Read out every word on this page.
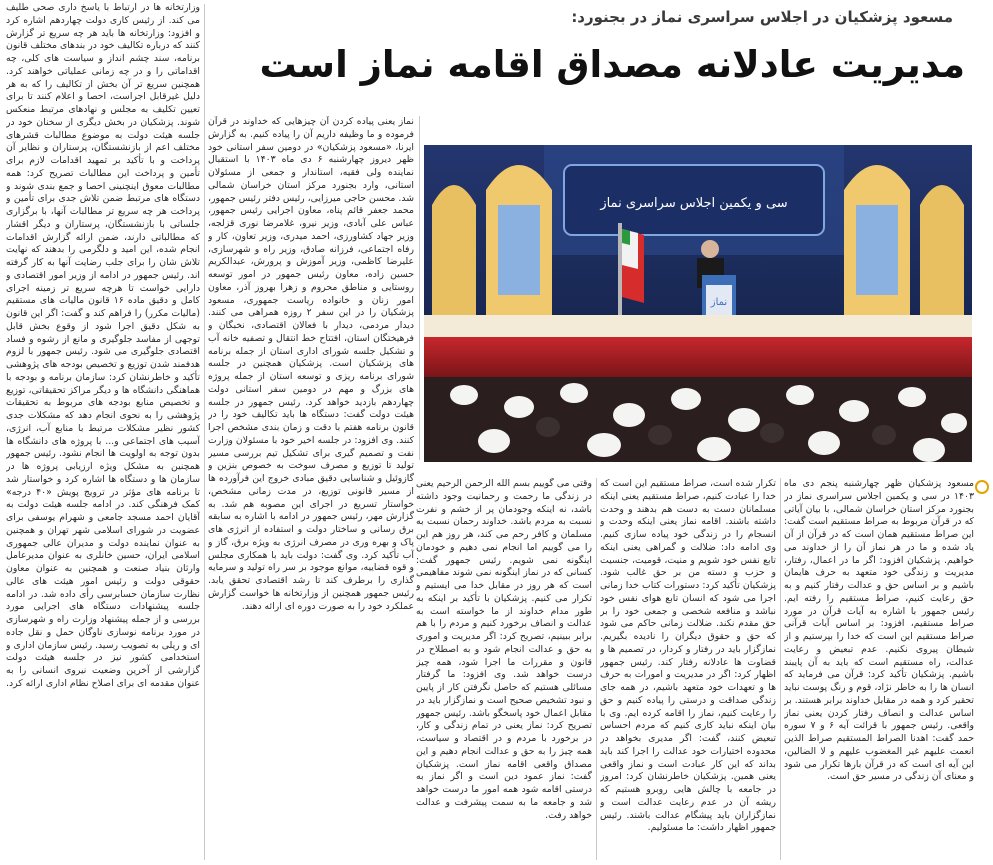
مسعود پزشکیان در اجلاس سراسری نماز در بجنورد:
مدیریت عادلانه مصداق اقامه نماز است

وزارتخانه ها در ارتباط با یاسخ داری صحی طلیف می کند. از رئیس کاری دولت چهاردهم اشاره کرد و افزود: وزارتخانه ها باید هر چه سریع تر گزارش کنند که درباره تکالیف خود در بندهای مختلف قانون برنامه، سند چشم انداز و سیاست های کلی، چه اقداماتی را و در چه زمانی عملیاتی خواهند کرد. همچنین سریع تر آن بخش از تکالیف را که به هر دلیل غیرقابل اجراست، احصا و اعلام کنند تا برای تعیین تکلیف به مجلس و نهادهای مرتبط منعکس شوند. پزشکیان در بخش دیگری از سخنان خود در جلسه هیئت دولت به موضوع مطالبات قشرهای مختلف اعم از بازنشستگان، پرستاران و نظایر آن پرداخت و با تأکید بر تمهید اقدامات لازم برای تأمین و پرداخت این مطالبات تصریح کرد: همه مطالبات معوق اینچنینی احصا و جمع بندی شوند و دستگاه های مرتبط ضمن تلاش جدی برای تأمین و پرداخت هر چه سریع تر مطالبات آنها، با برگزاری جلساتی با بازنشستگان، پرستاران و دیگر اقشار که مطالباتی دارند، ضمن ارائه گزارش اقدامات انجام شده، این امید و دلگرمی را بدهند که نهایت تلاش شان را برای جلب رضایت آنها به کار گرفته اند. رئیس جمهور در ادامه از وزیر امور اقتصادی و دارایی خواست تا هرچه سریع تر زمینه اجرای کامل و دقیق ماده ۱۶ قانون مالیات های مستقیم (مالیات مکرر) را فراهم کند و گفت: اگر این قانون به شکل دقیق اجرا شود از وقوع بخش قابل توجهی از مفاسد جلوگیری و مانع از رشوه و فساد اقتصادی جلوگیری می شود. رئیس جمهور با لزوم هدفمند شدن توزیع و تخصیص بودجه های پژوهشی تأکید و خاطرنشان کرد: سازمان برنامه و بودجه با هماهنگی دانشگاه ها و دیگر مراکز تحقیقاتی، توزیع و تخصیص منابع بودجه های مربوط به تحقیقات پژوهشی را به نحوی انجام دهد که مشکلات جدی کشور نظیر مشکلات مرتبط با منابع آب، انرژی، آسیب های اجتماعی و... با پروژه های دانشگاه ها بدون توجه به اولویت ها انجام نشود. رئیس جمهور همچنین به مشکل ویژه ارزیابی پروژه ها در سازمان ها و دستگاه ها اشاره کرد و خواستار شد تا برنامه های مؤثر در ترویج پویش «۴۰ درجه» کمک فرهنگی کند. در ادامه جلسه هیئت دولت به آقایان احمد مسجد جامعی و شهرام یوسفی برای عضویت در شورای اسلامی شهر تهران و همچنین به عنوان نماینده دولت و مدیران عالی جمهوری اسلامی ایران، حسین خانلری به عنوان مدیرعامل وارثان بنیاد صنعت و همچنین به عنوان معاون حقوقی دولت و رئیس امور هیئت های عالی نظارت سازمان حسابرسی رأی داده شد. در ادامه جلسه پیشنهادات دستگاه های اجرایی مورد بررسی و از جمله پیشنهاد وزارت راه و شهرسازی در مورد برنامه نوسازی ناوگان حمل و نقل جاده ای و ریلی به تصویب رسید. رئیس سازمان اداری و استخدامی کشور نیز در جلسه هیئت دولت گزارشی از آخرین وضعیت نیروی انسانی را به عنوان مقدمه ای برای اصلاح نظام اداری ارائه کرد.

نماز یعنی پیاده کردن آن چیزهایی که خداوند در قرآن فرموده و ما وظیفه داریم آن را پیاده کنیم. به گزارش ایرنا، «مسعود پزشکیان» در دومین سفر استانی خود ظهر دیروز چهارشنبه ۶ دی ماه ۱۴۰۳ با استقبال نماینده ولی فقیه، استاندار و جمعی از مسئولان استانی، وارد بجنورد مرکز استان خراسان شمالی شد. محسن حاجی میرزایی، رئیس دفتر رئیس جمهور، محمد جعفر قائم پناه، معاون اجرایی رئیس جمهور، عباس علی آبادی، وزیر نیرو، غلامرضا نوری قزلجه، وزیر جهاد کشاورزی، احمد میدری، وزیر تعاون، کار و رفاه اجتماعی، فرزانه صادق، وزیر راه و شهرسازی، علیرضا کاظمی، وزیر آموزش و پرورش، عبدالکریم حسین زاده، معاون رئیس جمهور در امور توسعه روستایی و مناطق محروم و زهرا بهروز آذر، معاون امور زنان و خانواده ریاست جمهوری، مسعود پزشکیان را در این سفر ۲ روزه همراهی می کنند. دیدار مردمی، دیدار با فعالان اقتصادی، نخبگان و فرهیختگان استان، افتتاح خط انتقال و تصفیه خانه آب و تشکیل جلسه شورای اداری استان از جمله برنامه های پزشکیان است. پزشکیان همچنین در جلسه شورای برنامه ریزی و توسعه استان از جمله پروژه های بزرگ و مهم در دومین سفر استانی دولت چهاردهم بازدید خواهد کرد. رئیس جمهور در جلسه هیئت دولت گفت: دستگاه ها باید تکالیف خود را در قانون برنامه هفتم با دقت و زمان بندی مشخص اجرا کنند. وی افزود: در جلسه اخیر خود با مسئولان وزارت نفت و تصمیم گیری برای تشکیل تیم بررسی مسیر تولید تا توزیع و مصرف سوخت به خصوص بنزین و گازوئیل و شناسایی دقیق مبادی خروج این فرآورده ها از مسیر قانونی توزیع، در مدت زمانی مشخص، خواستار تسریع در اجرای این مصوبه هم شد. به گزارش مهر، رئیس جمهور در ادامه با اشاره به سابقه برق رسانی و ساختار دولت و استفاده از انرژی های پاک و بهره وری در مصرف انرژی به ویژه برق، گاز و آب تأکید کرد. وی گفت: دولت باید با همکاری مجلس و قوه قضاییه، موانع موجود بر سر راه تولید و سرمایه گذاری را برطرف کند تا رشد اقتصادی تحقق یابد. رئیس جمهور همچنین از وزارتخانه ها خواست گزارش عملکرد خود را به صورت دوره ای ارائه دهند.

نماز
سی و یکمین اجلاس سراسری نماز

وقتی می گوییم بسم الله الرحمن الرحیم یعنی در زندگی ما رحمت و رحمانیت وجود داشته باشد، نه اینکه وجودمان پر از خشم و نفرت نسبت به مردم باشد. خداوند رحمان نسبت به مسلمان و کافر رحم می کند، هر روز هم این را می گوییم اما انجام نمی دهیم و خودمان اینگونه نمی شویم. رئیس جمهور گفت: کسانی که در نماز اینگونه نمی شوند مفاهیمی است که هر روز در مقابل خدا می ایستیم و تکرار می کنیم. پزشکیان با تأکید بر اینکه به طور مدام خداوند از ما خواسته است به عدالت و انصاف برخورد کنیم و مردم را با هم برابر ببینیم، تصریح کرد: اگر مدیریت و اموری به حق و عدالت انجام شود و به اصطلاح در قانون و مقررات ما اجرا شود، همه چیز درست خواهد شد. وی افزود: ما گرفتار مسائلی هستیم که حاصل نگرفتن کار از پایین و نبود تشخیص صحیح است و نمازگزار باید در مقابل اعمال خود پاسخگو باشد. رئیس جمهور تصریح کرد: نماز یعنی در تمام زندگی و کار، در برخورد با مردم و در اقتصاد و سیاست، همه چیز را به حق و عدالت انجام دهیم و این مصداق واقعی اقامه نماز است. پزشکیان گفت: نماز عمود دین است و اگر نماز به درستی اقامه شود همه امور ما درست خواهد شد و جامعه ما به سمت پیشرفت و عدالت خواهد رفت.

تکرار شده است، صراط مستقیم این است که خدا را عبادت کنیم، صراط مستقیم یعنی اینکه مسلمانان دست به دست هم بدهند و وحدت داشته باشند. اقامه نماز یعنی اینکه وحدت و انسجام را در زندگی خود پیاده سازی کنیم. وی ادامه داد: ضلالت و گمراهی یعنی اینکه تابع نفس خود شویم و منیت، قومیت، جنسیت و حزب و دسته من بر حق غالب شود. پزشکیان تأکید کرد: دستورات کتاب خدا زمانی اجرا می شود که انسان تابع هوای نفس خود نباشد و منافعه شخصی و جمعی خود را بر حق مقدم نکند. ضلالت زمانی حاکم می شود که حق و حقوق دیگران را نادیده بگیریم. نمازگزار باید در رفتار و کردار، در تصمیم ها و قضاوت ها عادلانه رفتار کند. رئیس جمهور اظهار کرد: اگر در مدیریت و امورات به حرف ها و تعهدات خود متعهد باشیم، در همه جای زندگی صداقت و درستی را پیاده کنیم و حق را رعایت کنیم، نماز را اقامه کرده ایم. وی با بیان اینکه نباید کاری کنیم که مردم احساس تبعیض کنند، گفت: اگر مدیری بخواهد در محدوده اختیارات خود عدالت را اجرا کند باید بداند که این کار عبادت است و نماز واقعی یعنی همین. پزشکیان خاطرنشان کرد: امروز در جامعه با چالش هایی روبرو هستیم که ریشه آن در عدم رعایت عدالت است و نمازگزاران باید پیشگام عدالت باشند. رئیس جمهور اظهار داشت: ما مسئولیم.

مسعود پزشکیان ظهر چهارشنبه پنجم دی ماه ۱۴۰۳ در سی و یکمین اجلاس سراسری نماز در بجنورد مرکز استان خراسان شمالی، با بیان آیاتی که در قرآن مربوط به صراط مستقیم است گفت: این صراط مستقیم همان است که در قرآن از آن یاد شده و ما در هر نماز آن را از خداوند می خواهیم. پزشکیان افزود: اگر ما در اعمال، رفتار، مدیریت و زندگی خود متعهد به حرف هایمان باشیم و بر اساس حق و عدالت رفتار کنیم و به حق رعایت کنیم، صراط مستقیم را رفته ایم. رئیس جمهور با اشاره به آیات قرآن در مورد صراط مستقیم، افزود: بر اساس آیات قرآنی صراط مستقیم این است که خدا را بپرستیم و از شیطان پیروی نکنیم. عدم تبعیض و رعایت عدالت، راه مستقیم است که باید به آن پایبند باشیم. پزشکیان تأکید کرد: قرآن می فرماید که انسان ها را به خاطر نژاد، قوم و رنگ پوست نباید تحقیر کرد و همه در مقابل خداوند برابر هستند. بر اساس عدالت و انصاف رفتار کردن یعنی نماز واقعی. رئیس جمهور با قرائت آیه ۶ و ۷ سوره حمد گفت: اهدنا الصراط المستقیم صراط الذین انعمت علیهم غیر المغضوب علیهم و لا الضالین، این آیه ای است که در قرآن بارها تکرار می شود و معنای آن زندگی در مسیر حق است.
